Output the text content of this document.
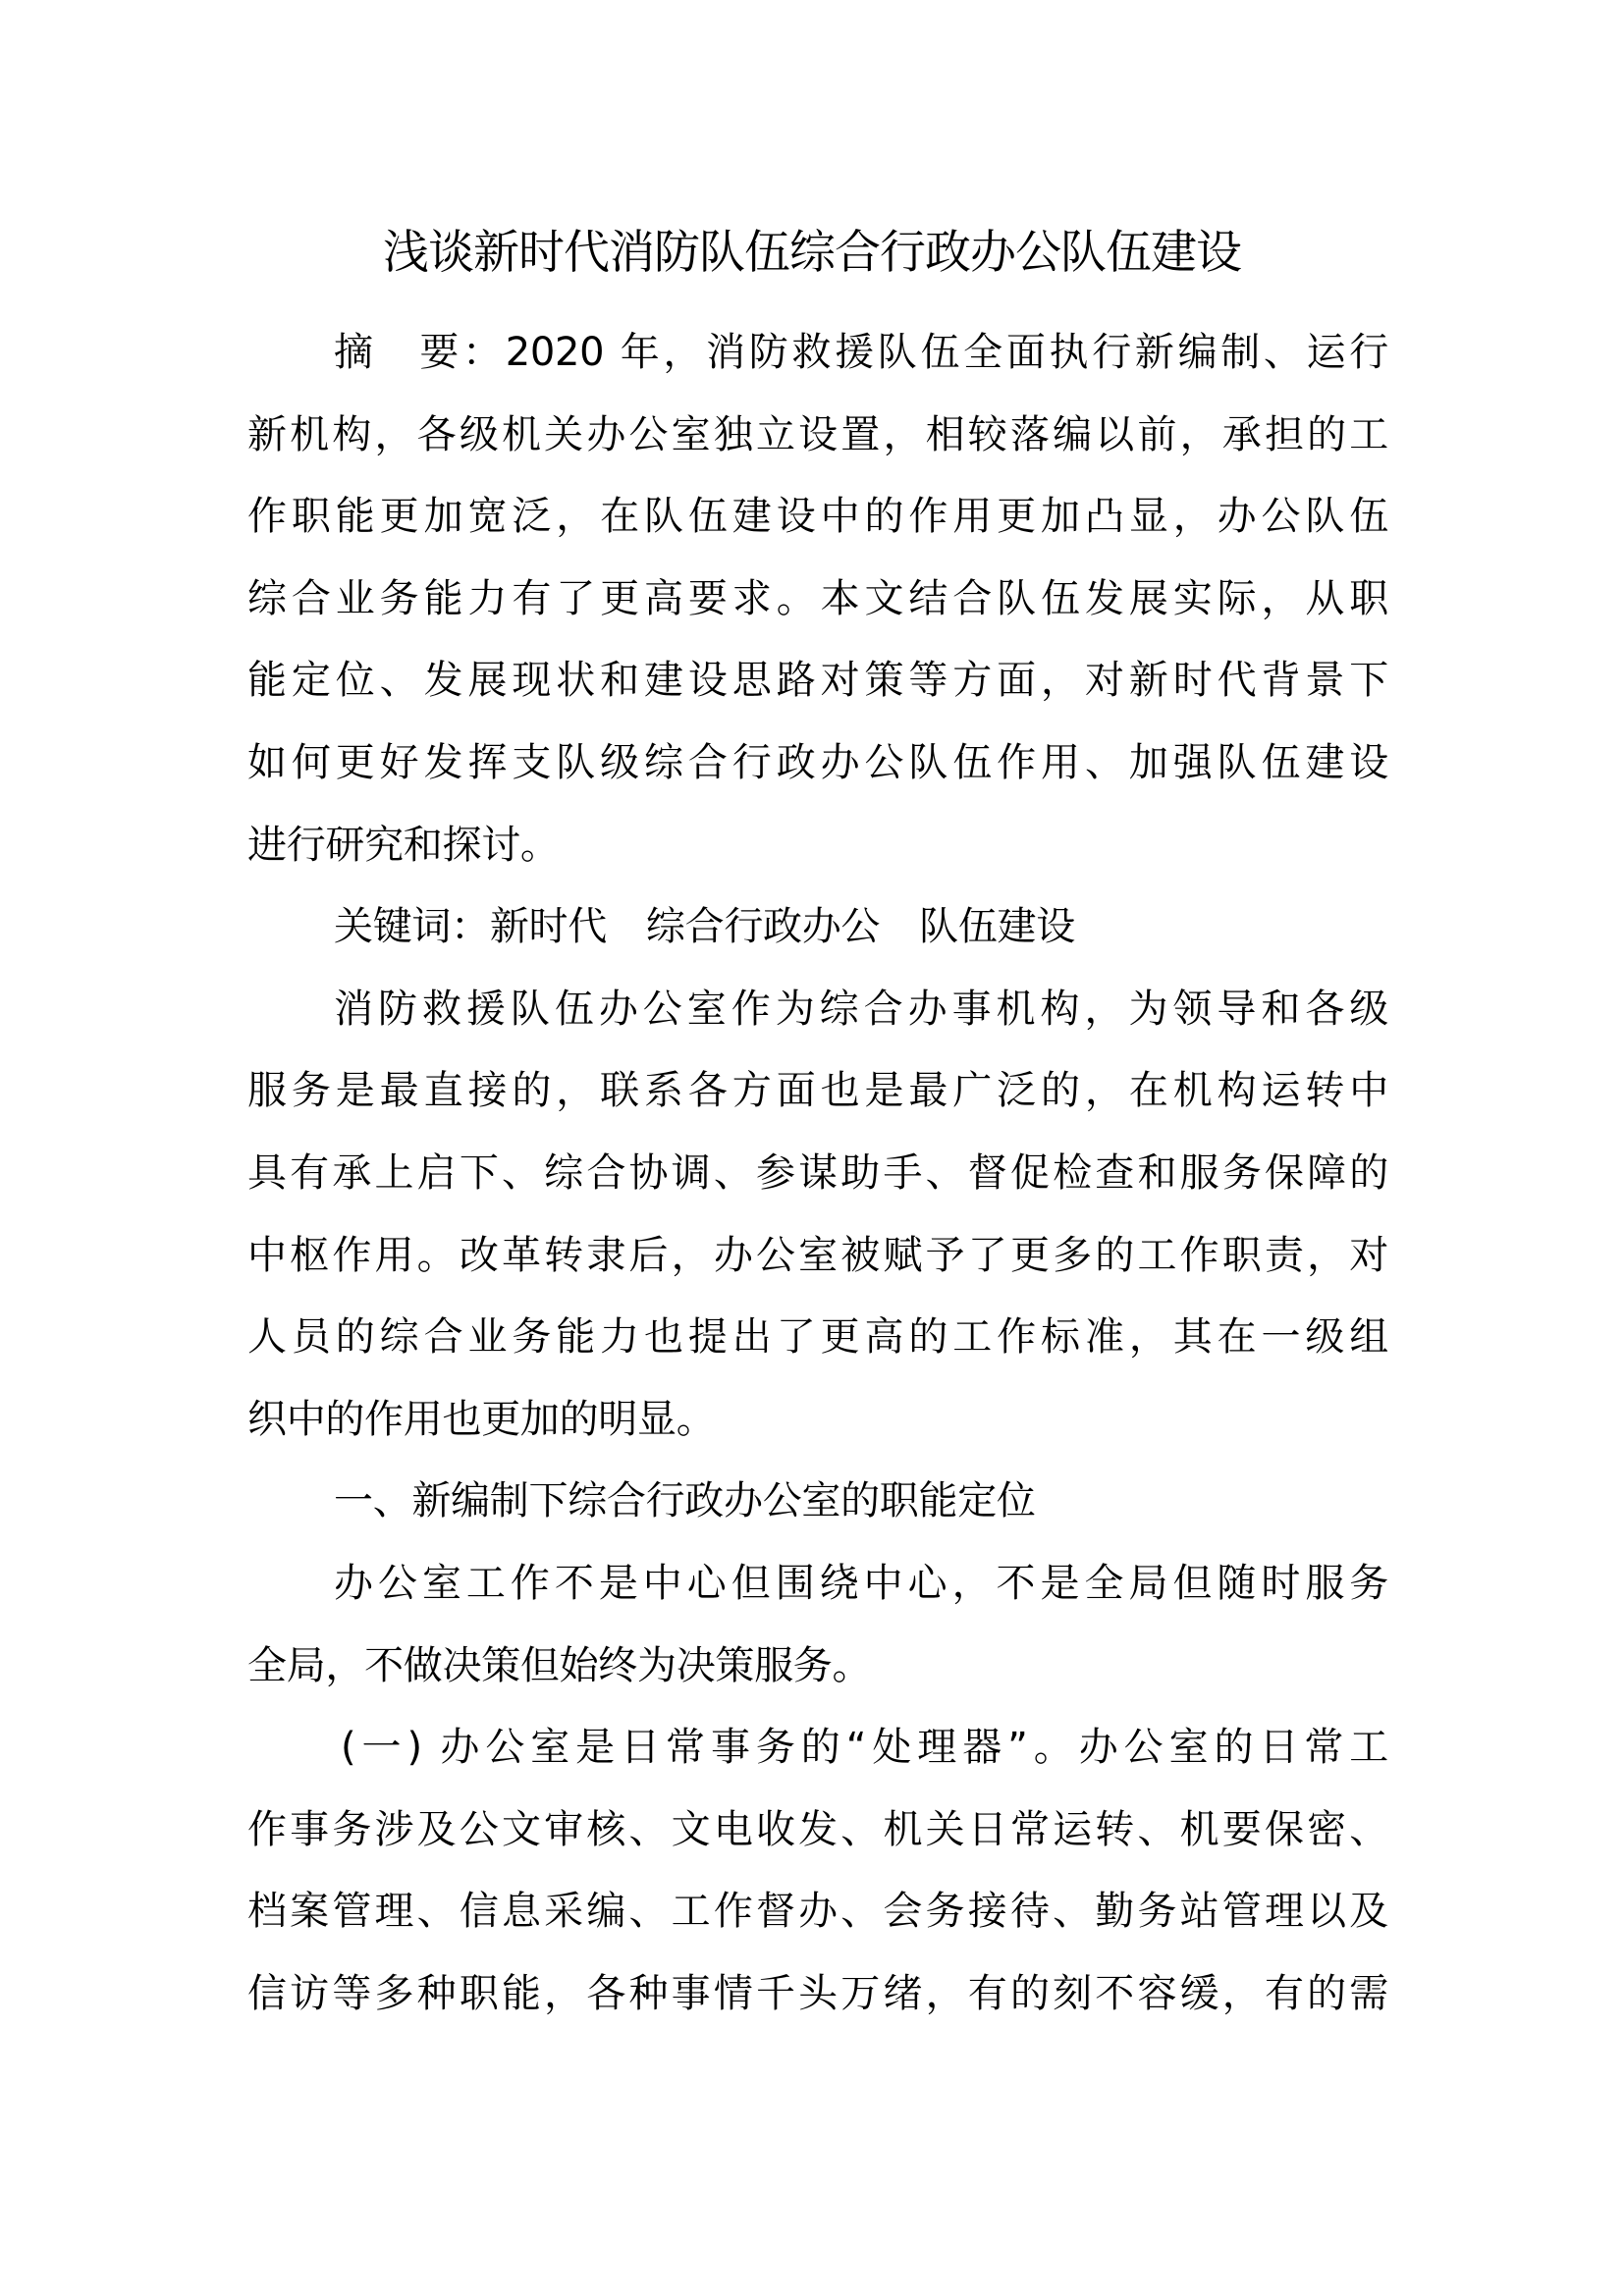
浅谈新时代消防队伍综合行政办公队伍建设
摘　要：2020 年，消防救援队伍全面执行新编制、运行
新机构，各级机关办公室独立设置，相较落编以前，承担的工
作职能更加宽泛，在队伍建设中的作用更加凸显，办公队伍
综合业务能力有了更高要求。本文结合队伍发展实际，从职
能定位、发展现状和建设思路对策等方面，对新时代背景下
如何更好发挥支队级综合行政办公队伍作用、加强队伍建设
进行研究和探讨。
关键词：新时代 综合行政办公 队伍建设
消防救援队伍办公室作为综合办事机构，为领导和各级
服务是最直接的，联系各方面也是最广泛的，在机构运转中
具有承上启下、综合协调、参谋助手、督促检查和服务保障的
中枢作用。改革转隶后，办公室被赋予了更多的工作职责，对
人员的综合业务能力也提出了更高的工作标准，其在一级组
织中的作用也更加的明显。
一、新编制下综合行政办公室的职能定位
办公室工作不是中心但围绕中心，不是全局但随时服务
全局，不做决策但始终为决策服务。
(一) 办公室是日常事务的“处理器”。办公室的日常工
作事务涉及公文审核、文电收发、机关日常运转、机要保密、
档案管理、信息采编、工作督办、会务接待、勤务站管理以及
信访等多种职能，各种事情千头万绪，有的刻不容缓，有的需
